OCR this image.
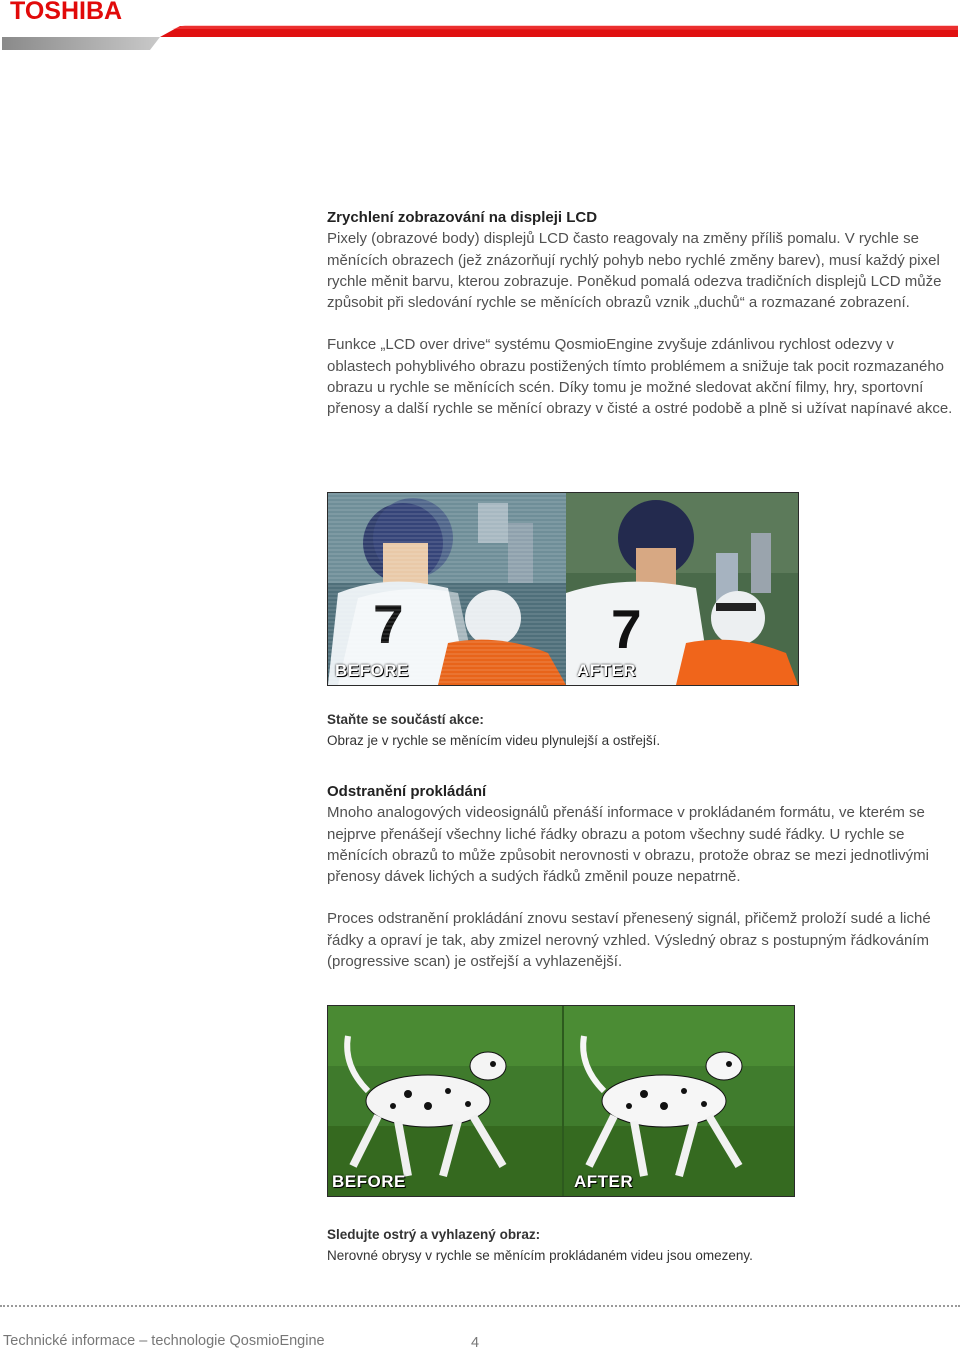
TOSHIBA
Zrychlení zobrazování na displeji LCD

Pixely (obrazové body) displejů LCD často reagovaly na změny příliš pomalu. V rychle se měnících obrazech (jež znázorňují rychlý pohyb nebo rychlé změny barev), musí každý pixel rychle měnit barvu, kterou zobrazuje. Poněkud pomalá odezva tradičních displejů LCD může způsobit při sledování rychle se měnících obrazů vznik „duchů“ a rozmazané zobrazení.

Funkce „LCD over drive“ systému QosmioEngine zvyšuje zdánlivou rychlost odezvy v oblastech pohyblivého obrazu postižených tímto problémem a snižuje tak pocit rozmazaného obrazu u rychle se měnících scén. Díky tomu je možné sledovat akční filmy, hry, sportovní přenosy a další rychle se měnící obrazy v čisté a ostré podobě a plně si užívat napínavé akce.

BEFORE
7
AFTER
Staňte se součástí akce:
Obraz je v rychle se měnícím videu plynulejší a ostřejší.
Odstranění prokládání

Mnoho analogových videosignálů přenáší informace v prokládaném formátu, ve kterém se nejprve přenášejí všechny liché řádky obrazu a potom všechny sudé řádky. U rychle se měnících obrazů to může způsobit nerovnosti v obrazu, protože obraz se mezi jednotlivými přenosy dávek lichých a sudých řádků změnil pouze nepatrně.

Proces odstranění prokládání znovu sestaví přenesený signál, přičemž proloží sudé a liché řádky a opraví je tak, aby zmizel nerovný vzhled. Výsledný obraz s postupným řádkováním (progressive scan) je ostřejší a vyhlazenější.

BEFORE	AFTER
Sledujte ostrý a vyhlazený obraz:
Nerovné obrysy v rychle se měnícím prokládaném videu jsou omezeny.
Technické informace – technologie QosmioEngine	4
